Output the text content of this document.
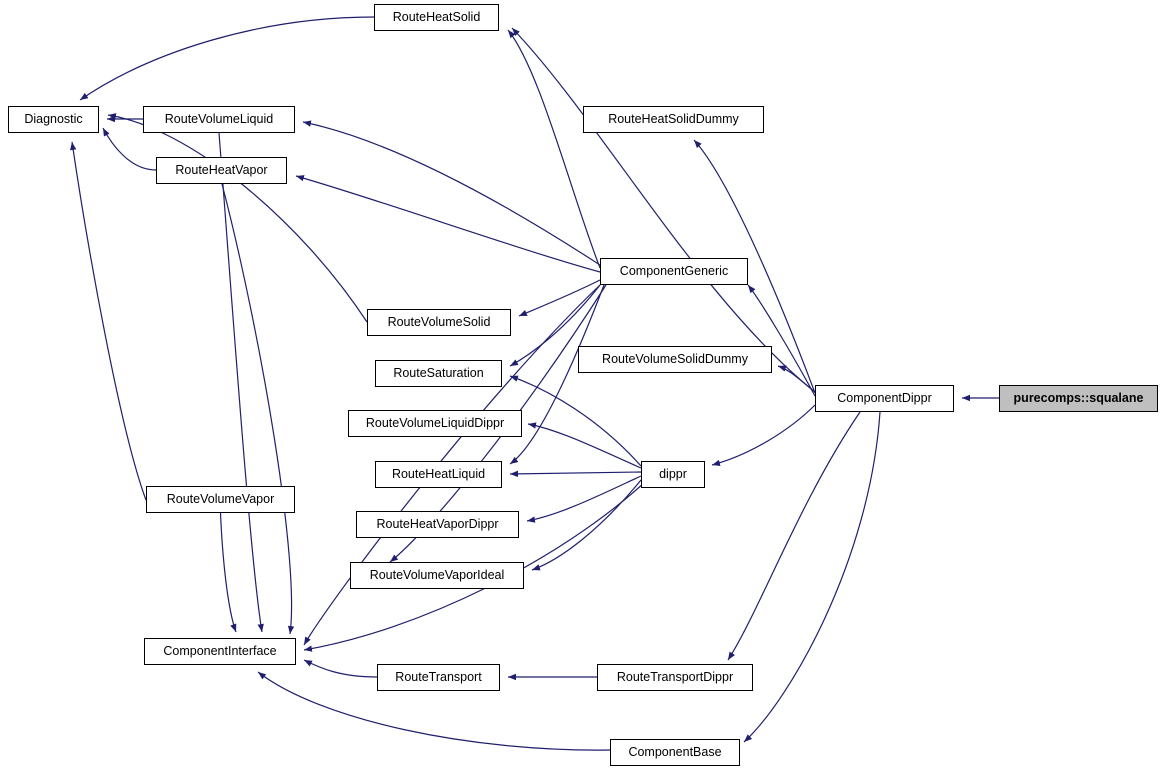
Diagnostic
RouteHeatSolid
RouteVolumeLiquid
RouteHeatVapor
RouteHeatSolidDummy
ComponentGeneric
RouteVolumeSolid
RouteVolumeSolidDummy
RouteSaturation
ComponentDippr	purecomps::squalane
RouteVolumeLiquidDippr
RouteHeatLiquid	dippr
RouteVolumeVapor
RouteHeatVaporDippr
RouteVolumeVaporIdeal
ComponentInterface
RouteTransport	RouteTransportDippr
ComponentBase
